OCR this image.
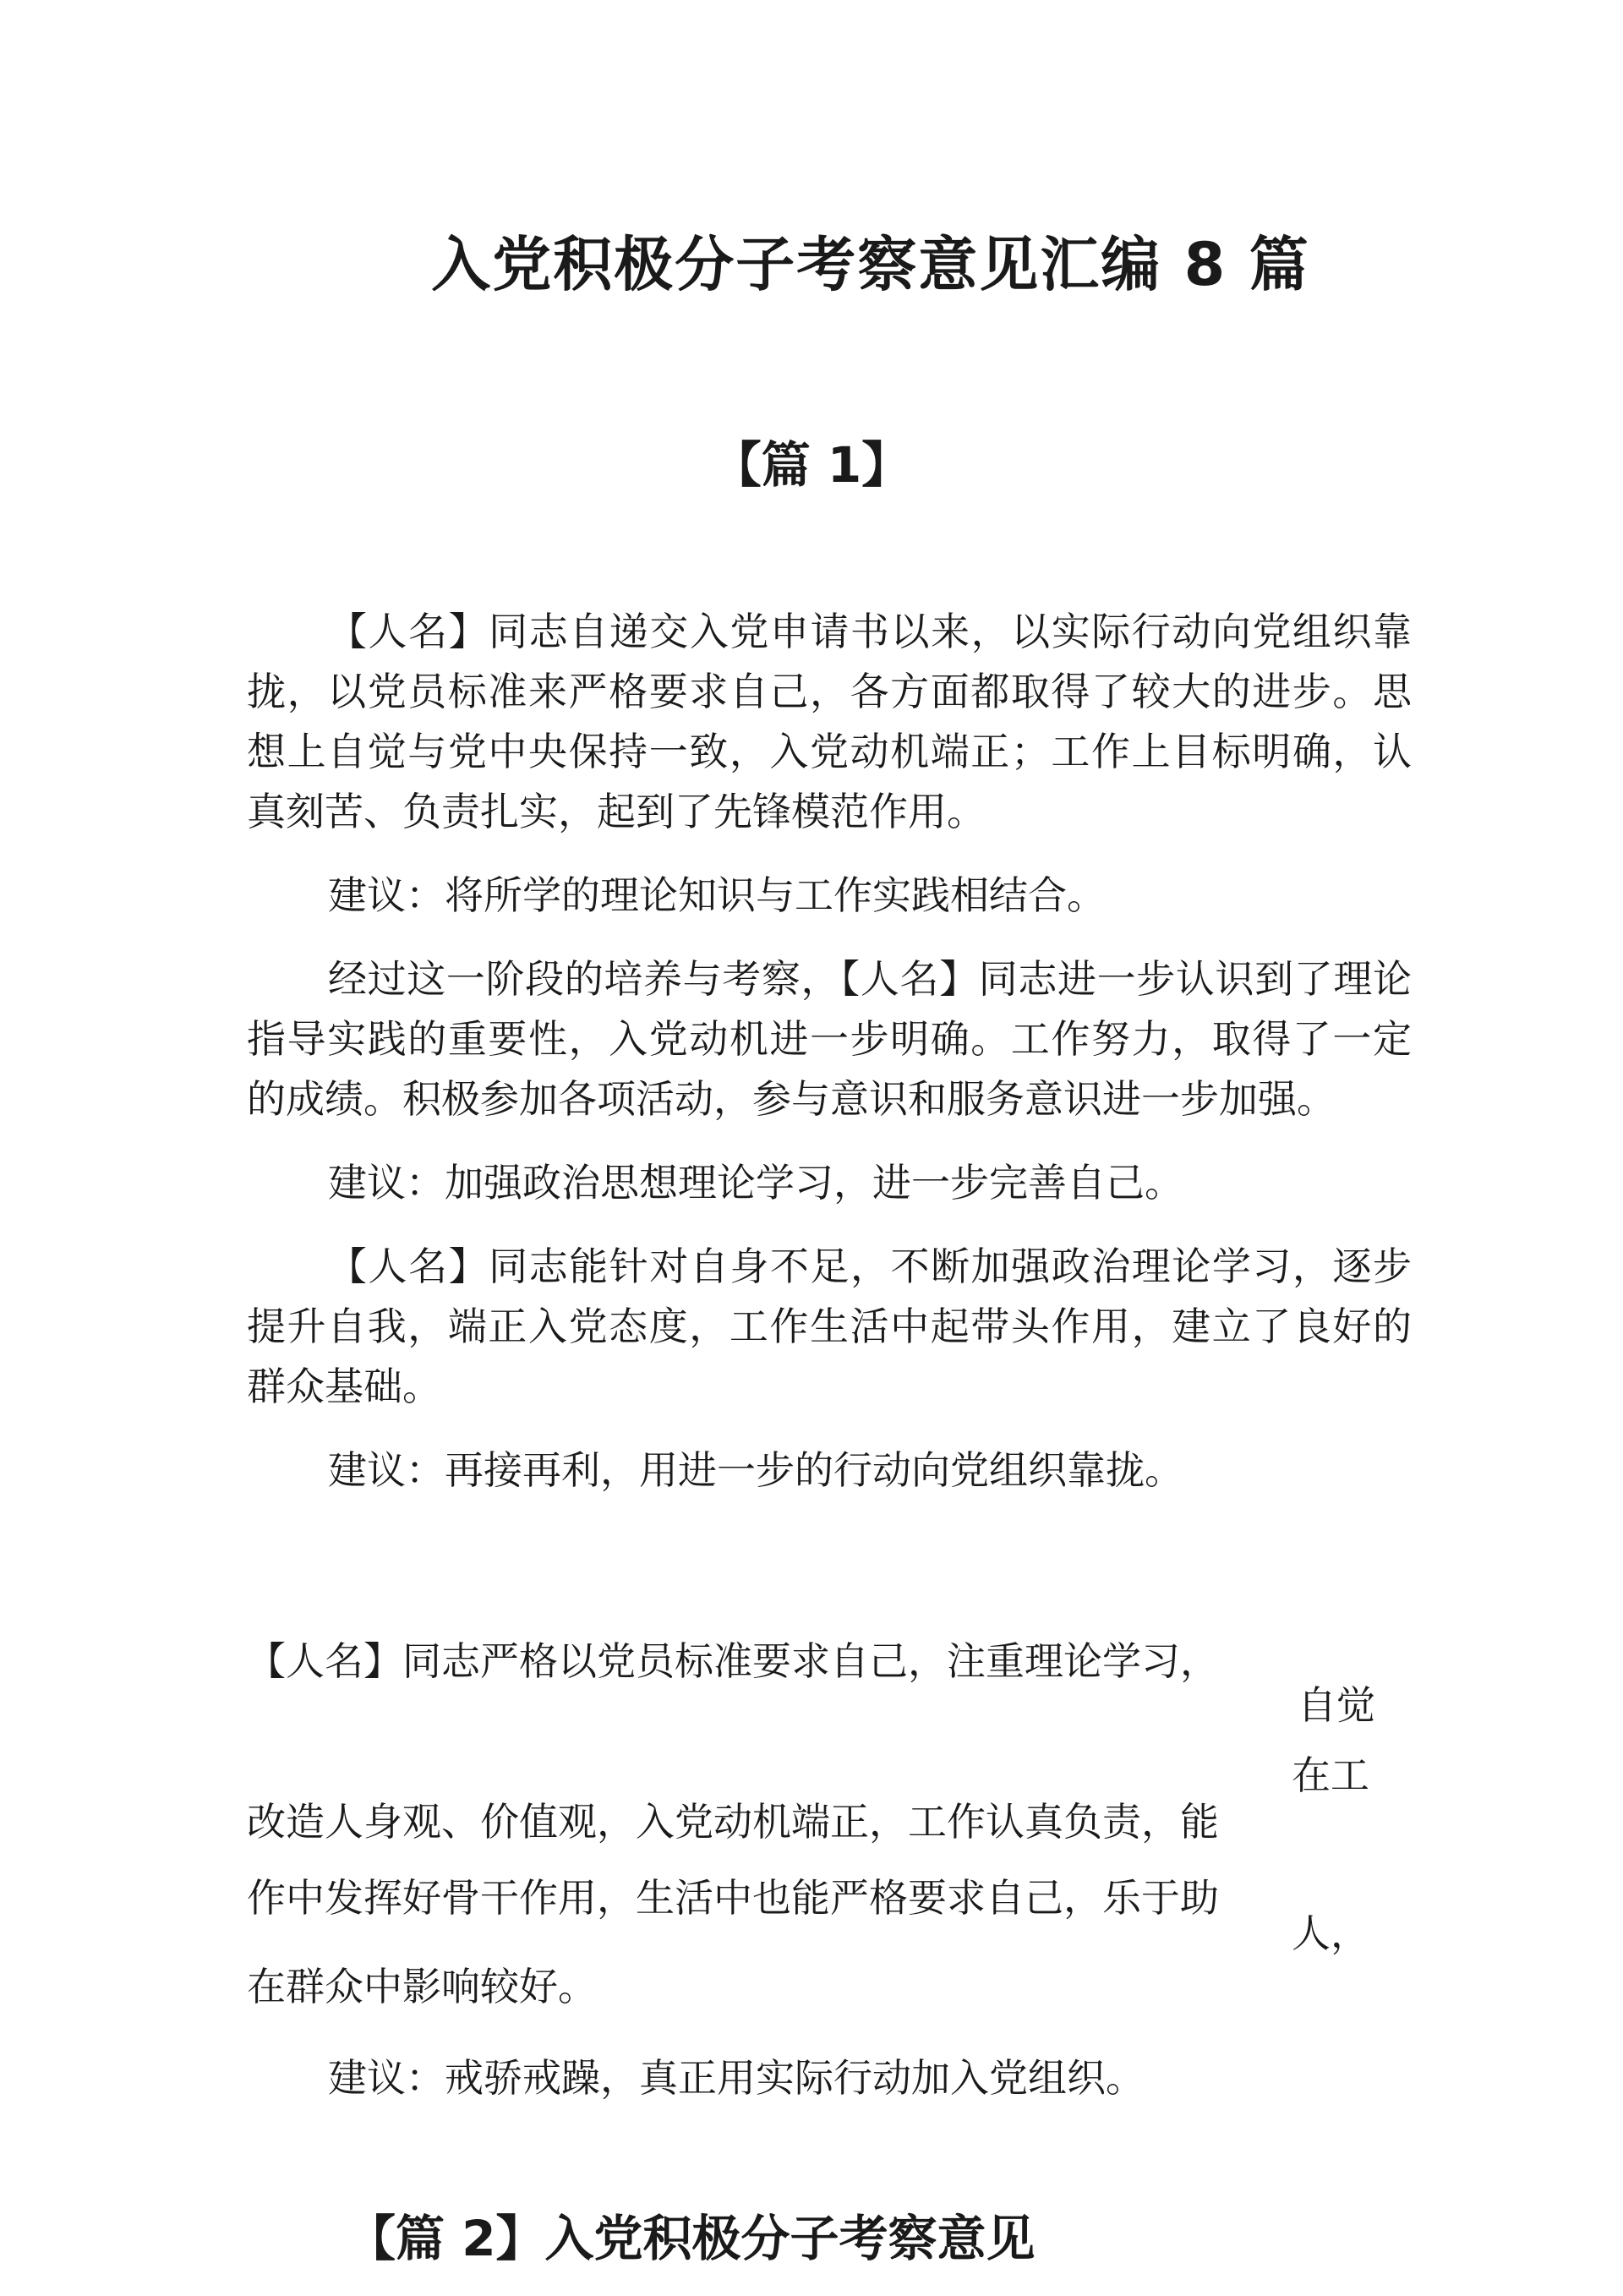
入党积极分子考察意见汇编 8 篇
【篇 1】

【人名】同志自递交入党申请书以来，以实际行动向党组织靠拢，以党员标准来严格要求自己，各方面都取得了较大的进步。思想上自觉与党中央保持一致，入党动机端正；工作上目标明确，认真刻苦、负责扎实，起到了先锋模范作用。

建议：将所学的理论知识与工作实践相结合。

经过这一阶段的培养与考察，【人名】同志进一步认识到了理论指导实践的重要性，入党动机进一步明确。工作努力，取得了一定的成绩。积极参加各项活动，参与意识和服务意识进一步加强。

建议：加强政治思想理论学习，进一步完善自己。

【人名】同志能针对自身不足，不断加强政治理论学习，逐步提升自我，端正入党态度，工作生活中起带头作用，建立了良好的群众基础。

建议：再接再利，用进一步的行动向党组织靠拢。

【人名】同志严格以党员标准要求自己，注重理论学习，
自觉
在工
改造人身观、价值观，入党动机端正，工作认真负责，能
作中发挥好骨干作用，生活中也能严格要求自己，乐于助
人，
在群众中影响较好。
建议：戒骄戒躁，真正用实际行动加入党组织。
【篇 2】入党积极分子考察意见
